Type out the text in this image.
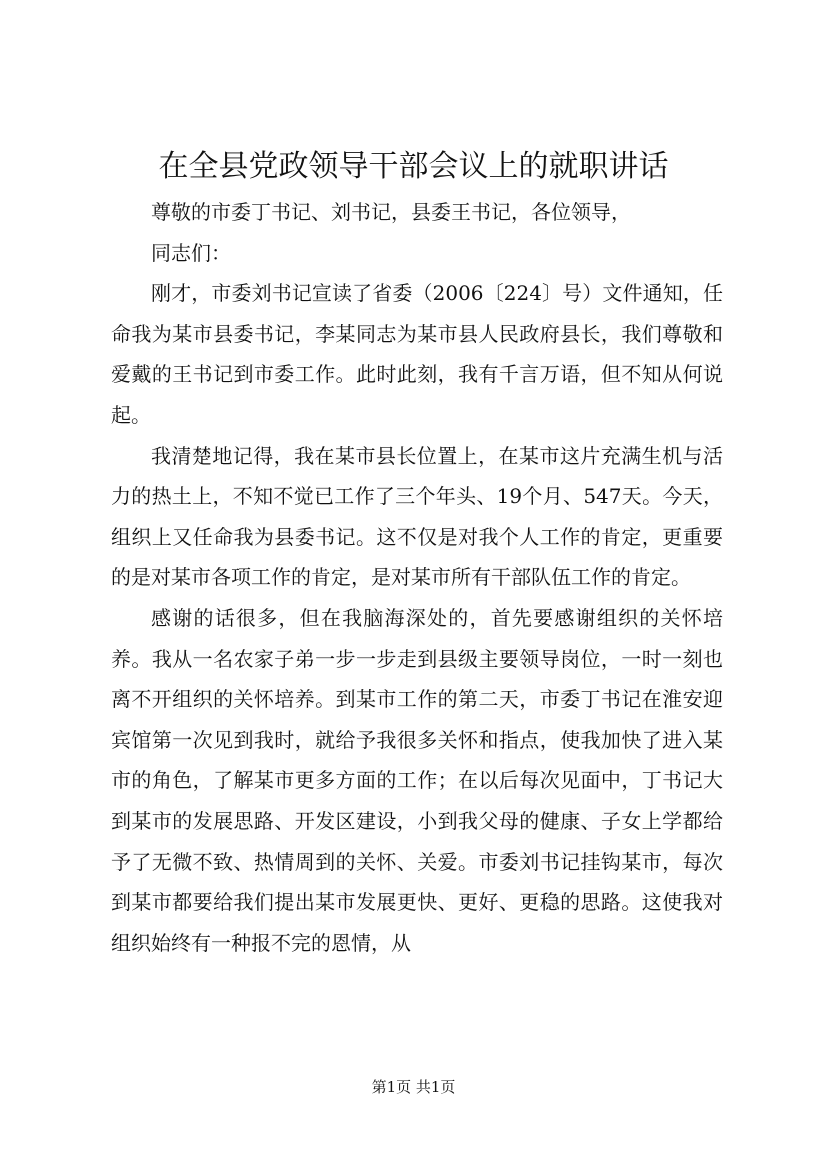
在全县党政领导干部会议上的就职讲话

尊敬的市委丁书记、刘书记，县委王书记，各位领导，

同志们：

刚才，市委刘书记宣读了省委（2006〔224〕号）文件通知，任命我为某市县委书记，李某同志为某市县人民政府县长，我们尊敬和爱戴的王书记到市委工作。此时此刻，我有千言万语，但不知从何说起。

我清楚地记得，我在某市县长位置上，在某市这片充满生机与活力的热土上，不知不觉已工作了三个年头、19个月、547天。今天，组织上又任命我为县委书记。这不仅是对我个人工作的肯定，更重要的是对某市各项工作的肯定，是对某市所有干部队伍工作的肯定。

感谢的话很多，但在我脑海深处的，首先要感谢组织的关怀培养。我从一名农家子弟一步一步走到县级主要领导岗位，一时一刻也离不开组织的关怀培养。到某市工作的第二天，市委丁书记在淮安迎宾馆第一次见到我时，就给予我很多关怀和指点，使我加快了进入某市的角色，了解某市更多方面的工作；在以后每次见面中，丁书记大到某市的发展思路、开发区建设，小到我父母的健康、子女上学都给予了无微不致、热情周到的关怀、关爱。市委刘书记挂钩某市，每次到某市都要给我们提出某市发展更快、更好、更稳的思路。这使我对组织始终有一种报不完的恩情，从

第1页 共1页
